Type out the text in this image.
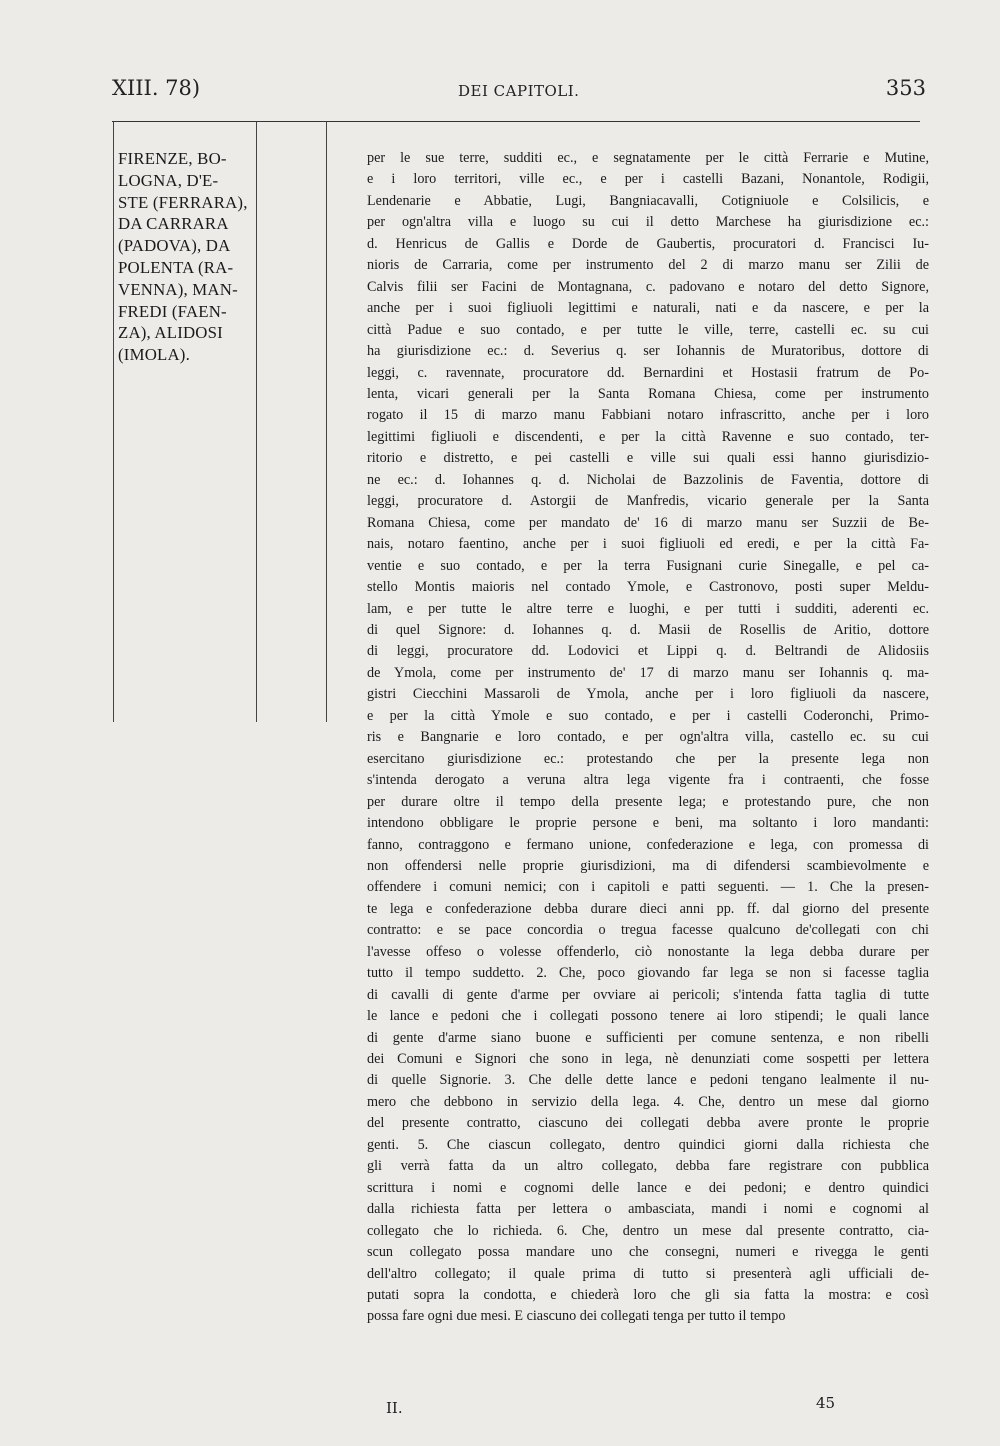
XIII. 78)	DEI CAPITOLI.	353
FIRENZE, BO-
LOGNA, D'E-
STE (FERRARA),
DA CARRARA
(PADOVA), DA
POLENTA (RA-
VENNA), MAN-
FREDI (FAEN-
ZA), ALIDOSI
(IMOLA).
per le sue terre, sudditi ec., e segnatamente per le città Ferrarie e Mutine,
e i loro territori, ville ec., e per i castelli Bazani, Nonantole, Rodigii,
Lendenarie e Abbatie, Lugi, Bangniacavalli, Cotigniuole e Colsilicis, e
per ogn'altra villa e luogo su cui il detto Marchese ha giurisdizione ec.:
d. Henricus de Gallis e Dorde de Gaubertis, procuratori d. Francisci Iu-
nioris de Carraria, come per instrumento del 2 di marzo manu ser Zilii de
Calvis filii ser Facini de Montagnana, c. padovano e notaro del detto Signore,
anche per i suoi figliuoli legittimi e naturali, nati e da nascere, e per la
città Padue e suo contado, e per tutte le ville, terre, castelli ec. su cui
ha giurisdizione ec.: d. Severius q. ser Iohannis de Muratoribus, dottore di
leggi, c. ravennate, procuratore dd. Bernardini et Hostasii fratrum de Po-
lenta, vicari generali per la Santa Romana Chiesa, come per instrumento
rogato il 15 di marzo manu Fabbiani notaro infrascritto, anche per i loro
legittimi figliuoli e discendenti, e per la città Ravenne e suo contado, ter-
ritorio e distretto, e pei castelli e ville sui quali essi hanno giurisdizio-
ne ec.: d. Iohannes q. d. Nicholai de Bazzolinis de Faventia, dottore di
leggi, procuratore d. Astorgii de Manfredis, vicario generale per la Santa
Romana Chiesa, come per mandato de' 16 di marzo manu ser Suzzii de Be-
nais, notaro faentino, anche per i suoi figliuoli ed eredi, e per la città Fa-
ventie e suo contado, e per la terra Fusignani curie Sinegalle, e pel ca-
stello Montis maioris nel contado Ymole, e Castronovo, posti super Meldu-
lam, e per tutte le altre terre e luoghi, e per tutti i sudditi, aderenti ec.
di quel Signore: d. Iohannes q. d. Masii de Rosellis de Aritio, dottore
di leggi, procuratore dd. Lodovici et Lippi q. d. Beltrandi de Alidosiis
de Ymola, come per instrumento de' 17 di marzo manu ser Iohannis q. ma-
gistri Ciecchini Massaroli de Ymola, anche per i loro figliuoli da nascere,
e per la città Ymole e suo contado, e per i castelli Coderonchi, Primo-
ris e Bangnarie e loro contado, e per ogn'altra villa, castello ec. su cui
esercitano giurisdizione ec.: protestando che per la presente lega non
s'intenda derogato a veruna altra lega vigente fra i contraenti, che fosse
per durare oltre il tempo della presente lega; e protestando pure, che non
intendono obbligare le proprie persone e beni, ma soltanto i loro mandanti:
fanno, contraggono e fermano unione, confederazione e lega, con promessa di
non offendersi nelle proprie giurisdizioni, ma di difendersi scambievolmente e
offendere i comuni nemici; con i capitoli e patti seguenti. — 1. Che la presen-
te lega e confederazione debba durare dieci anni pp. ff. dal giorno del presente
contratto: e se pace concordia o tregua facesse qualcuno de'collegati con chi
l'avesse offeso o volesse offenderlo, ciò nonostante la lega debba durare per
tutto il tempo suddetto. 2. Che, poco giovando far lega se non si facesse taglia
di cavalli di gente d'arme per ovviare ai pericoli; s'intenda fatta taglia di tutte
le lance e pedoni che i collegati possono tenere ai loro stipendi; le quali lance
di gente d'arme siano buone e sufficienti per comune sentenza, e non ribelli
dei Comuni e Signori che sono in lega, nè denunziati come sospetti per lettera
di quelle Signorie. 3. Che delle dette lance e pedoni tengano lealmente il nu-
mero che debbono in servizio della lega. 4. Che, dentro un mese dal giorno
del presente contratto, ciascuno dei collegati debba avere pronte le proprie
genti. 5. Che ciascun collegato, dentro quindici giorni dalla richiesta che
gli verrà fatta da un altro collegato, debba fare registrare con pubblica
scrittura i nomi e cognomi delle lance e dei pedoni; e dentro quindici
dalla richiesta fatta per lettera o ambasciata, mandi i nomi e cognomi al
collegato che lo richieda. 6. Che, dentro un mese dal presente contratto, cia-
scun collegato possa mandare uno che consegni, numeri e rivegga le genti
dell'altro collegato; il quale prima di tutto si presenterà agli ufficiali de-
putati sopra la condotta, e chiederà loro che gli sia fatta la mostra: e così
possa fare ogni due mesi. E ciascuno dei collegati tenga per tutto il tempo
II.	45
